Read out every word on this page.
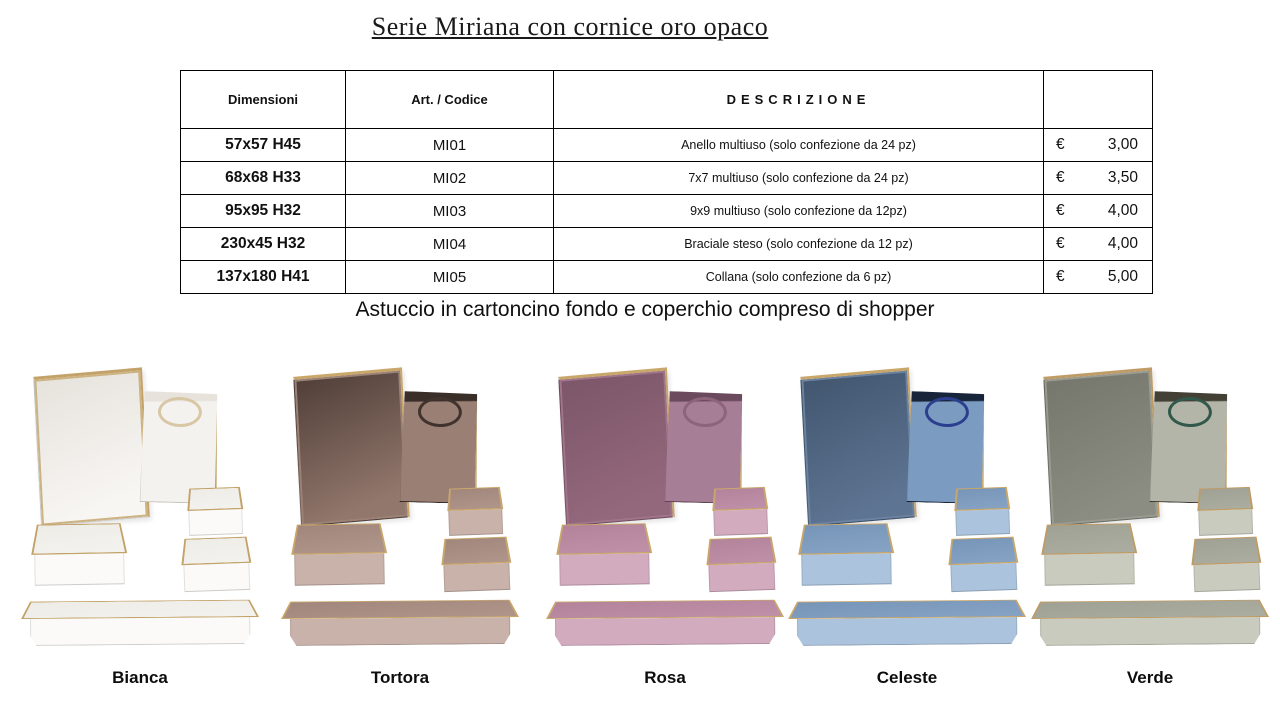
Serie Miriana con cornice oro opaco
Dimensioni	Art. / Codice	DESCRIZIONE	
57x57 H45	MI01	Anello multiuso (solo confezione da 24 pz)	€ 3,00

68x68 H33	MI02	7x7 multiuso (solo confezione da 24 pz)	€ 3,50

95x95 H32	MI03	9x9 multiuso (solo confezione da 12pz)	€ 4,00

230x45 H32	MI04	Braciale steso (solo confezione da 12 pz)	€ 4,00

137x180 H41	MI05	Collana (solo confezione da 6 pz)	€ 5,00
Astuccio in cartoncino fondo e coperchio compreso di shopper
Bianca	Tortora	Rosa	Celeste	Verde
